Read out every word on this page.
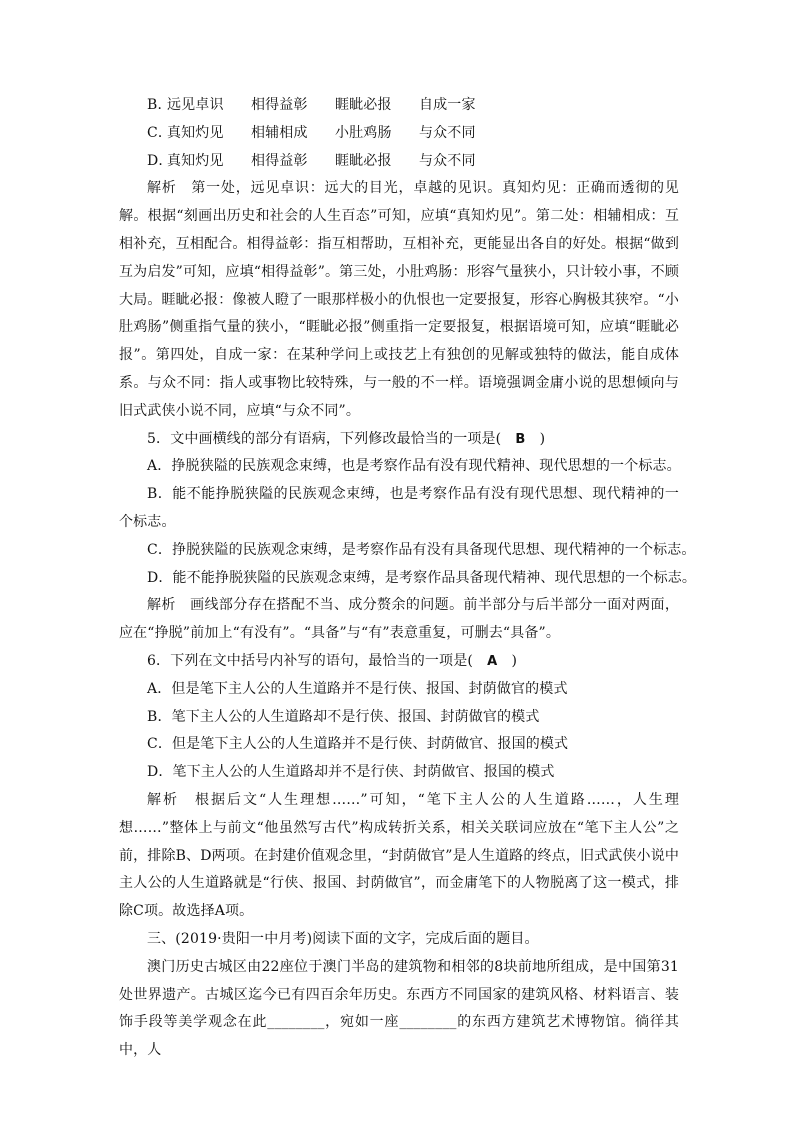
B．远见卓识 相得益彰 睚眦必报 自成一家
C．真知灼见 相辅相成 小肚鸡肠 与众不同
D．真知灼见 相得益彰 睚眦必报 与众不同

解析　第一处，远见卓识：远大的目光，卓越的见识。真知灼见：正确而透彻的见解。根据“刻画出历史和社会的人生百态”可知，应填“真知灼见”。第二处：相辅相成：互相补充，互相配合。相得益彰：指互相帮助，互相补充，更能显出各自的好处。根据“做到互为启发”可知，应填“相得益彰”。第三处，小肚鸡肠：形容气量狭小，只计较小事，不顾大局。睚眦必报：像被人瞪了一眼那样极小的仇恨也一定要报复，形容心胸极其狭窄。“小肚鸡肠”侧重指气量的狭小，“睚眦必报”侧重指一定要报复，根据语境可知，应填“睚眦必报”。第四处，自成一家：在某种学问上或技艺上有独创的见解或独特的做法，能自成体系。与众不同：指人或事物比较特殊，与一般的不一样。语境强调金庸小说的思想倾向与旧式武侠小说不同，应填“与众不同”。

5．文中画横线的部分有语病，下列修改最恰当的一项是(　B　)

A．挣脱狭隘的民族观念束缚，也是考察作品有没有现代精神、现代思想的一个标志。

B．能不能挣脱狭隘的民族观念束缚，也是考察作品有没有现代思想、现代精神的一个标志。

C．挣脱狭隘的民族观念束缚，是考察作品有没有具备现代思想、现代精神的一个标志。

D．能不能挣脱狭隘的民族观念束缚，是考察作品具备现代精神、现代思想的一个标志。

解析　画线部分存在搭配不当、成分赘余的问题。前半部分与后半部分一面对两面，应在“挣脱”前加上“有没有”。“具备”与“有”表意重复，可删去“具备”。

6．下列在文中括号内补写的语句，最恰当的一项是(　A　)

A．但是笔下主人公的人生道路并不是行侠、报国、封荫做官的模式

B．笔下主人公的人生道路却不是行侠、报国、封荫做官的模式

C．但是笔下主人公的人生道路并不是行侠、封荫做官、报国的模式

D．笔下主人公的人生道路却并不是行侠、封荫做官、报国的模式

解析　根据后文“人生理想……”可知，“笔下主人公的人生道路……，人生理想……”整体上与前文“他虽然写古代”构成转折关系，相关关联词应放在“笔下主人公”之前，排除B、D两项。在封建价值观念里，“封荫做官”是人生道路的终点，旧式武侠小说中主人公的人生道路就是“行侠、报国、封荫做官”，而金庸笔下的人物脱离了这一模式，排除C项。故选择A项。

三、(2019·贵阳一中月考)阅读下面的文字，完成后面的题目。

澳门历史古城区由22座位于澳门半岛的建筑物和相邻的8块前地所组成，是中国第31处世界遗产。古城区迄今已有四百余年历史。东西方不同国家的建筑风格、材料语言、装饰手段等美学观念在此________，宛如一座________的东西方建筑艺术博物馆。徜徉其中，人
